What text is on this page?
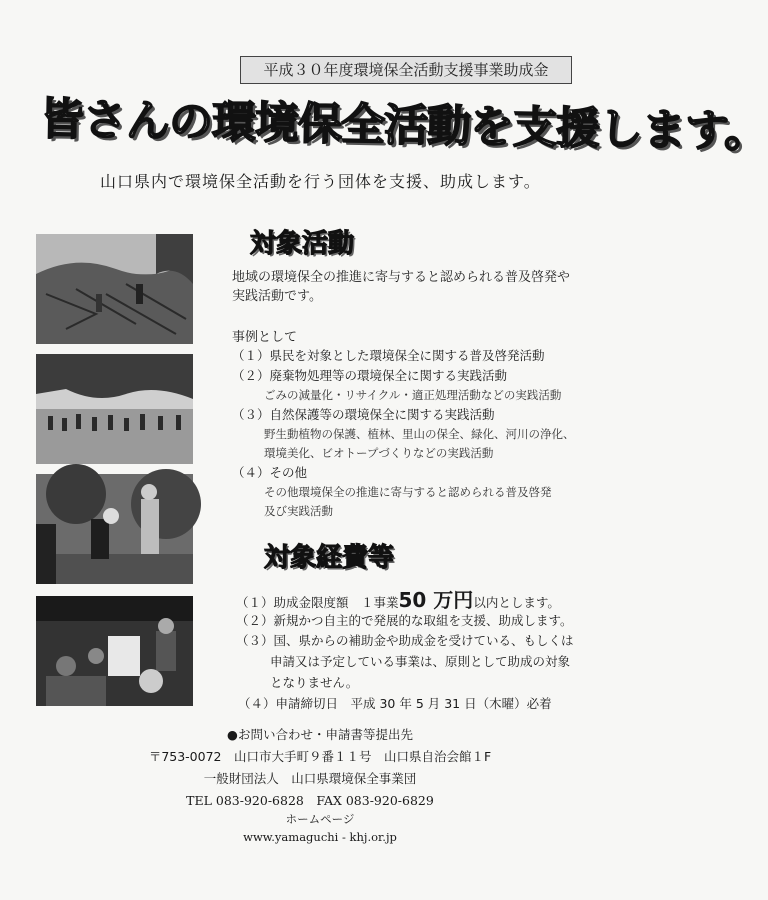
平成３０年度環境保全活動支援事業助成金
皆さんの環境保全活動を支援します。
山口県内で環境保全活動を行う団体を支援、助成します。
対象活動
地域の環境保全の推進に寄与すると認められる普及啓発や
実践活動です。
事例として
（１）県民を対象とした環境保全に関する普及啓発活動
（２）廃棄物処理等の環境保全に関する実践活動
ごみの減量化・リサイクル・適正処理活動などの実践活動
（３）自然保護等の環境保全に関する実践活動
野生動植物の保護、植林、里山の保全、緑化、河川の浄化、
環境美化、ビオトープづくりなどの実践活動
（４）その他
その他環境保全の推進に寄与すると認められる普及啓発
及び実践活動
対象経費等
（１）助成金限度額　１事業50 万円以内とします。
（２）新規かつ自主的で発展的な取組を支援、助成します。
（３）国、県からの補助金や助成金を受けている、もしくは
申請又は予定している事業は、原則として助成の対象
となりません。
（４）申請締切日　平成 30 年 5 月 31 日（木曜）必着
●お問い合わせ・申請書等提出先
〒753-0072　山口市大手町９番１１号　山口県自治会館１F
一般財団法人　山口県環境保全事業団
TEL 083-920-6828　FAX 083-920-6829
ホームページ
www.yamaguchi - khj.or.jp
